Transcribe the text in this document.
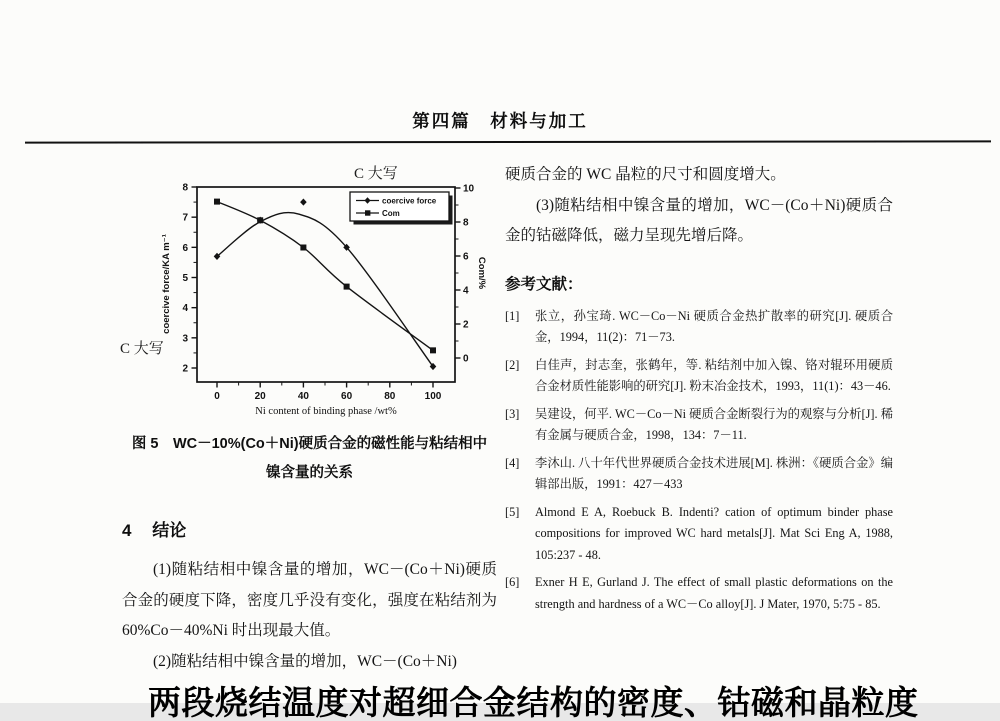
第四篇　材料与加工
2
3
4
5
6
7
8
0
2
4
6
8
10
0	20	40	60	80	100
coercive force/KA m⁻¹	Com/%
Ni content of binding phase /wt%
coercive force
Com
C 大写
C 大写
图 5　WC－10%(Co＋Ni)硬质合金的磁性能与粘结相中
镍含量的关系
4 结论

(1)随粘结相中镍含量的增加，WC－(Co＋Ni)硬质合金的硬度下降，密度几乎没有变化，强度在粘结剂为 60%Co－40%Ni 时出现最大值。

(2)随粘结相中镍含量的增加，WC－(Co＋Ni)

硬质合金的 WC 晶粒的尺寸和圆度增大。

(3)随粘结相中镍含量的增加，WC－(Co＋Ni)硬质合金的钴磁降低，磁力呈现先增后降。

参考文献：
[1]	张立，孙宝琦. WC－Co－Ni 硬质合金热扩散率的研究[J]. 硬质合金，1994，11(2)：71－73.
[2]	白佳声，封志奎，张鹤年，等. 粘结剂中加入镍、铬对辊环用硬质合金材质性能影响的研究[J]. 粉末冶金技术，1993，11(1)：43－46.
[3]	吴建设，何平. WC－Co－Ni 硬质合金断裂行为的观察与分析[J]. 稀有金属与硬质合金，1998，134：7－11.
[4]	李沐山. 八十年代世界硬质合金技术进展[M]. 株洲：《硬质合金》编辑部出版，1991：427－433
[5]	Almond E A, Roebuck B. Indenti? cation of optimum binder phase compositions for improved WC hard metals[J]. Mat Sci Eng A, 1988, 105:237 - 48.
[6]	Exner H E, Gurland J. The effect of small plastic deformations on the strength and hardness of a WC－Co alloy[J]. J Mater, 1970, 5:75 - 85.
两段烧结温度对超细合金结构的密度、钴磁和晶粒度
